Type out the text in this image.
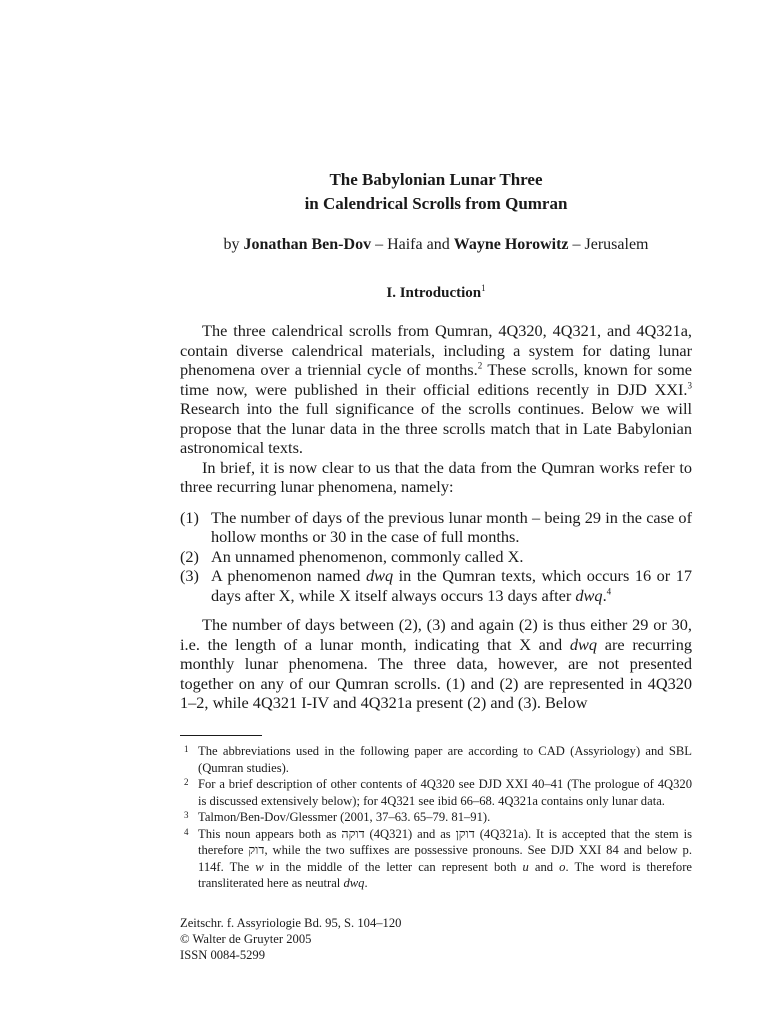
The Babylonian Lunar Three
in Calendrical Scrolls from Qumran
by Jonathan Ben-Dov – Haifa and Wayne Horowitz – Jerusalem
I. Introduction$^1$

The three calendrical scrolls from Qumran, 4Q320, 4Q321, and 4Q321a, contain diverse calendrical materials, including a system for dating lunar phenomena over a triennial cycle of months.$^2$ These scrolls, known for some time now, were published in their official editions recently in DJD XXI.$^3$ Research into the full significance of the scrolls continues. Below we will propose that the lunar data in the three scrolls match that in Late Babylonian astronomical texts.

In brief, it is now clear to us that the data from the Qumran works refer to three recurring lunar phenomena, namely:

(1) The number of days of the previous lunar month – being 29 in the case of hollow months or 30 in the case of full months.
(2) An unnamed phenomenon, commonly called X.
(3) A phenomenon named dwq in the Qumran texts, which occurs 16 or 17 days after X, while X itself always occurs 13 days after dwq.$^4$

The number of days between (2), (3) and again (2) is thus either 29 or 30, i.e. the length of a lunar month, indicating that X and dwq are recurring monthly lunar phenomena. The three data, however, are not presented together on any of our Qumran scrolls. (1) and (2) are represented in 4Q320 1–2, while 4Q321 I-IV and 4Q321a present (2) and (3). Below

1 The abbreviations used in the following paper are according to CAD (Assyriology) and SBL (Qumran studies).
2 For a brief description of other contents of 4Q320 see DJD XXI 40–41 (The prologue of 4Q320 is discussed extensively below); for 4Q321 see ibid 66–68. 4Q321a contains only lunar data.
3 Talmon/Ben-Dov/Glessmer (2001, 37–63. 65–79. 81–91).
4 This noun appears both as דוקה (4Q321) and as דוקן (4Q321a). It is accepted that the stem is therefore דוק, while the two suffixes are possessive pronouns. See DJD XXI 84 and below p. 114f. The w in the middle of the letter can represent both u and o. The word is therefore transliterated here as neutral dwq.
Zeitschr. f. Assyriologie Bd. 95, S. 104–120
© Walter de Gruyter 2005
ISSN 0084-5299
